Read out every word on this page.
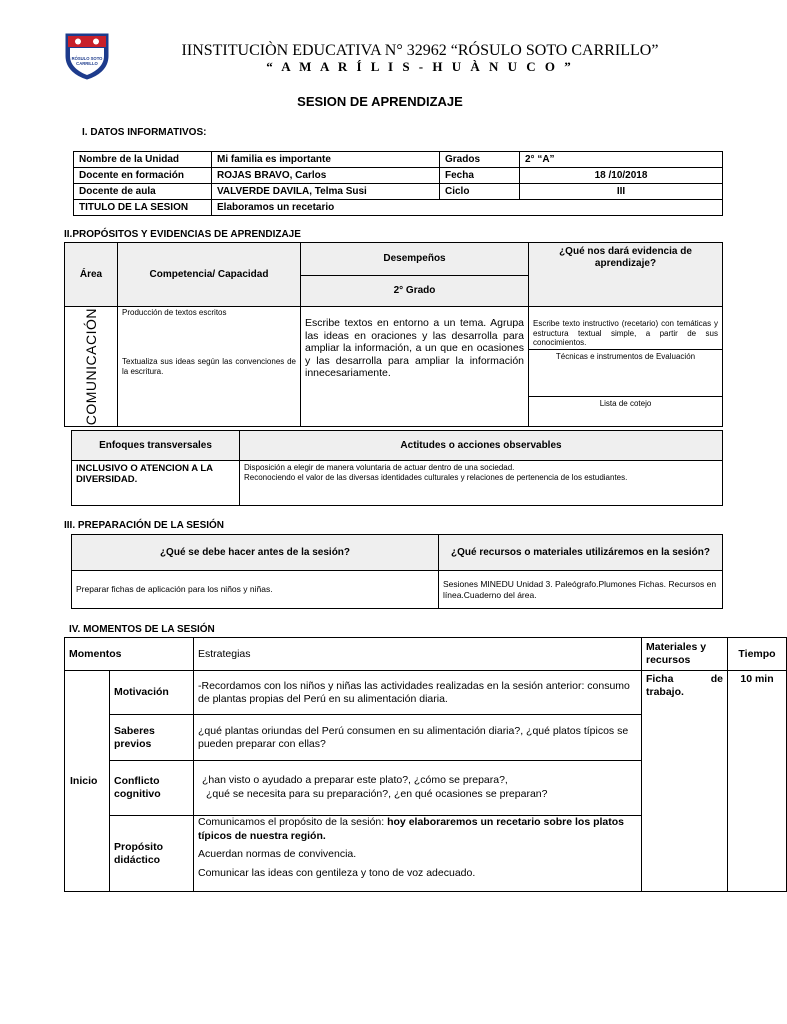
RÓSULO SOTO
CARRILLO
IINSTITUCIÒN EDUCATIVA N° 32962 “RÓSULO SOTO CARRILLO”
“ A M A R Í L I S - H U À N U C O ”
SESION DE APRENDIZAJE
I. DATOS INFORMATIVOS:
Nombre de la Unidad	Mi familia es importante	Grados	2° “A”
Docente en formación	ROJAS BRAVO, Carlos	Fecha	18 /10/2018
Docente de aula	VALVERDE DAVILA, Telma Susi	Ciclo	III
TITULO DE LA SESION	Elaboramos un recetario		
II.PROPÓSITOS Y EVIDENCIAS DE APRENDIZAJE
Área	Competencia/ Capacidad	Desempeños	¿Qué nos dará evidencia de aprendizaje?
		2° Grado	

COMUNICACIÓN	Producción de textos escritos	Escribe textos en entorno a un tema. Agrupa las ideas en oraciones y las desarrolla para ampliar la información, a un que en ocasiones y las desarrolla para ampliar la información innecesariamente.	Escribe texto instructivo (recetario) con temáticas y estructura textual simple, a partir de sus conocimientos.
	Textualiza sus ideas según las convenciones de la escritura.		Técnicas e instrumentos de Evaluación
			Lista de cotejo
Enfoques transversales	Actitudes o acciones observables
INCLUSIVO O ATENCION A LA DIVERSIDAD.	Disposición a elegir de manera voluntaria de actuar dentro de una sociedad.
Reconociendo el valor de las diversas identidades culturales y relaciones de pertenencia de los estudiantes.
III. PREPARACIÓN DE LA SESIÓN
¿Qué se debe hacer antes de la sesión?	¿Qué recursos o materiales utilizáremos en la sesión?
Preparar fichas de aplicación para los niños y niñas.	Sesiones MINEDU Unidad 3. Paleógrafo.Plumones Fichas. Recursos en línea.Cuaderno del área.
IV. MOMENTOS DE LA SESIÓN
Momentos		Estrategias	Materiales y recursos	Tiempo
Inicio	Motivación	-Recordamos con los niños y niñas las actividades realizadas en la sesión anterior: consumo de plantas propias del Perú en su alimentación diaria.	Ficha de trabajo.	10 min
	Saberes previos	¿qué plantas oriundas del Perú consumen en su alimentación diaria?, ¿qué platos típicos se pueden preparar con ellas?		
	Conflicto cognitivo	¿han visto o ayudado a preparar este plato?, ¿cómo se prepara?,
¿qué se necesita para su preparación?, ¿en qué ocasiones se preparan?		

	Propósito didáctico	Comunicamos el propósito de la sesión: hoy elaboraremos un recetario sobre los platos típicos de nuestra región.
Acuerdan normas de convivencia.
Comunicar las ideas con gentileza y tono de voz adecuado.		
